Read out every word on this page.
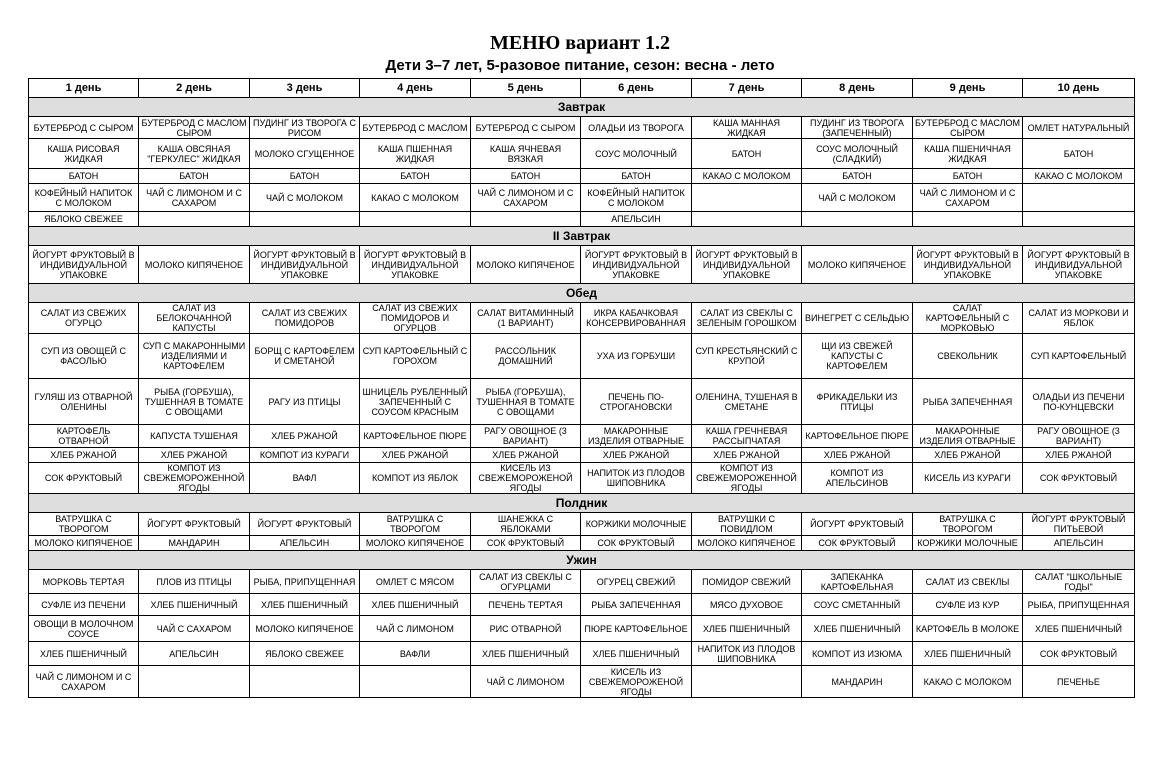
МЕНЮ вариант 1.2
Дети 3–7 лет, 5-разовое питание, сезон: весна - лето
1 день	2 день	3 день	4 день	5 день	6 день	7 день	8 день	9 день	10 день
Завтрак									
БУТЕРБРОД С СЫРОМ	БУТЕРБРОД С МАСЛОМ СЫРОМ	ПУДИНГ ИЗ ТВОРОГА С РИСОМ	БУТЕРБРОД С МАСЛОМ	БУТЕРБРОД С СЫРОМ	ОЛАДЬИ ИЗ ТВОРОГА	КАША МАННАЯ ЖИДКАЯ	ПУДИНГ ИЗ ТВОРОГА (ЗАПЕЧЕННЫЙ)	БУТЕРБРОД С МАСЛОМ СЫРОМ	ОМЛЕТ НАТУРАЛЬНЫЙ
КАША РИСОВАЯ ЖИДКАЯ	КАША ОВСЯНАЯ "ГЕРКУЛЕС" ЖИДКАЯ	МОЛОКО СГУЩЕННОЕ	КАША ПШЕННАЯ ЖИДКАЯ	КАША ЯЧНЕВАЯ ВЯЗКАЯ	СОУС МОЛОЧНЫЙ	БАТОН	СОУС МОЛОЧНЫЙ (СЛАДКИЙ)	КАША ПШЕНИЧНАЯ ЖИДКАЯ	БАТОН
БАТОН	БАТОН	БАТОН	БАТОН	БАТОН	БАТОН	КАКАО С МОЛОКОМ	БАТОН	БАТОН	КАКАО С МОЛОКОМ
КОФЕЙНЫЙ НАПИТОК С МОЛОКОМ	ЧАЙ С ЛИМОНОМ И С САХАРОМ	ЧАЙ С МОЛОКОМ	КАКАО С МОЛОКОМ	ЧАЙ С ЛИМОНОМ И С САХАРОМ	КОФЕЙНЫЙ НАПИТОК С МОЛОКОМ		ЧАЙ С МОЛОКОМ	ЧАЙ С ЛИМОНОМ И С САХАРОМ	
ЯБЛОКО СВЕЖЕЕ					АПЕЛЬСИН				
II Завтрак									
ЙОГУРТ ФРУКТОВЫЙ В ИНДИВИДУАЛЬНОЙ УПАКОВКЕ	МОЛОКО КИПЯЧЕНОЕ	ЙОГУРТ ФРУКТОВЫЙ В ИНДИВИДУАЛЬНОЙ УПАКОВКЕ	ЙОГУРТ ФРУКТОВЫЙ В ИНДИВИДУАЛЬНОЙ УПАКОВКЕ	МОЛОКО КИПЯЧЕНОЕ	ЙОГУРТ ФРУКТОВЫЙ В ИНДИВИДУАЛЬНОЙ УПАКОВКЕ	ЙОГУРТ ФРУКТОВЫЙ В ИНДИВИДУАЛЬНОЙ УПАКОВКЕ	МОЛОКО КИПЯЧЕНОЕ	ЙОГУРТ ФРУКТОВЫЙ В ИНДИВИДУАЛЬНОЙ УПАКОВКЕ	ЙОГУРТ ФРУКТОВЫЙ В ИНДИВИДУАЛЬНОЙ УПАКОВКЕ
Обед									
САЛАТ ИЗ СВЕЖИХ ОГУРЦО	САЛАТ ИЗ БЕЛОКОЧАННОЙ КАПУСТЫ	САЛАТ ИЗ СВЕЖИХ ПОМИДОРОВ	САЛАТ ИЗ СВЕЖИХ ПОМИДОРОВ И ОГУРЦОВ	САЛАТ ВИТАМИННЫЙ (1 ВАРИАНТ)	ИКРА КАБАЧКОВАЯ КОНСЕРВИРОВАННАЯ	САЛАТ ИЗ СВЕКЛЫ С ЗЕЛЕНЫМ ГОРОШКОМ	ВИНЕГРЕТ С СЕЛЬДЬЮ	САЛАТ КАРТОФЕЛЬНЫЙ С МОРКОВЬЮ	САЛАТ ИЗ МОРКОВИ И ЯБЛОК
СУП ИЗ ОВОЩЕЙ С ФАСОЛЬЮ	СУП С МАКАРОННЫМИ ИЗДЕЛИЯМИ И КАРТОФЕЛЕМ	БОРЩ С КАРТОФЕЛЕМ И СМЕТАНОЙ	СУП КАРТОФЕЛЬНЫЙ С ГОРОХОМ	РАССОЛЬНИК ДОМАШНИЙ	УХА ИЗ ГОРБУШИ	СУП КРЕСТЬЯНСКИЙ С КРУПОЙ	ЩИ ИЗ СВЕЖЕЙ КАПУСТЫ С КАРТОФЕЛЕМ	СВЕКОЛЬНИК	СУП КАРТОФЕЛЬНЫЙ
ГУЛЯШ ИЗ ОТВАРНОЙ ОЛЕНИНЫ	РЫБА (ГОРБУША), ТУШЕННАЯ В ТОМАТЕ С ОВОЩАМИ	РАГУ ИЗ ПТИЦЫ	ШНИЦЕЛЬ РУБЛЕННЫЙ ЗАПЕЧЕННЫЙ С СОУСОМ КРАСНЫМ	РЫБА (ГОРБУША), ТУШЕННАЯ В ТОМАТЕ С ОВОЩАМИ	ПЕЧЕНЬ ПО-СТРОГАНОВСКИ	ОЛЕНИНА, ТУШЕНАЯ В СМЕТАНЕ	ФРИКАДЕЛЬКИ ИЗ ПТИЦЫ	РЫБА ЗАПЕЧЕННАЯ	ОЛАДЬИ ИЗ ПЕЧЕНИ ПО-КУНЦЕВСКИ
КАРТОФЕЛЬ ОТВАРНОЙ	КАПУСТА ТУШЕНАЯ	ХЛЕБ РЖАНОЙ	КАРТОФЕЛЬНОЕ ПЮРЕ	РАГУ ОВОЩНОЕ (3 ВАРИАНТ)	МАКАРОННЫЕ ИЗДЕЛИЯ ОТВАРНЫЕ	КАША ГРЕЧНЕВАЯ РАССЫПЧАТАЯ	КАРТОФЕЛЬНОЕ ПЮРЕ	МАКАРОННЫЕ ИЗДЕЛИЯ ОТВАРНЫЕ	РАГУ ОВОЩНОЕ (3 ВАРИАНТ)
ХЛЕБ РЖАНОЙ	ХЛЕБ РЖАНОЙ	КОМПОТ ИЗ КУРАГИ	ХЛЕБ РЖАНОЙ	ХЛЕБ РЖАНОЙ	ХЛЕБ РЖАНОЙ	ХЛЕБ РЖАНОЙ	ХЛЕБ РЖАНОЙ	ХЛЕБ РЖАНОЙ	ХЛЕБ РЖАНОЙ
СОК ФРУКТОВЫЙ	КОМПОТ ИЗ СВЕЖЕМОРОЖЕННОЙ ЯГОДЫ	ВАФЛ	КОМПОТ ИЗ ЯБЛОК	КИСЕЛЬ ИЗ СВЕЖЕМОРОЖЕНОЙ ЯГОДЫ	НАПИТОК ИЗ ПЛОДОВ ШИПОВНИКА	КОМПОТ ИЗ СВЕЖЕМОРОЖЕННОЙ ЯГОДЫ	КОМПОТ ИЗ АПЕЛЬСИНОВ	КИСЕЛЬ ИЗ КУРАГИ	СОК ФРУКТОВЫЙ
Полдник									
ВАТРУШКА С ТВОРОГОМ	ЙОГУРТ ФРУКТОВЫЙ	ЙОГУРТ ФРУКТОВЫЙ	ВАТРУШКА С ТВОРОГОМ	ШАНЕЖКА С ЯБЛОКАМИ	КОРЖИКИ МОЛОЧНЫЕ	ВАТРУШКИ С ПОВИДЛОМ	ЙОГУРТ ФРУКТОВЫЙ	ВАТРУШКА С ТВОРОГОМ	ЙОГУРТ ФРУКТОВЫЙ ПИТЬЕВОЙ
МОЛОКО КИПЯЧЕНОЕ	МАНДАРИН	АПЕЛЬСИН	МОЛОКО КИПЯЧЕНОЕ	СОК ФРУКТОВЫЙ	СОК ФРУКТОВЫЙ	МОЛОКО КИПЯЧЕНОЕ	СОК ФРУКТОВЫЙ	КОРЖИКИ МОЛОЧНЫЕ	АПЕЛЬСИН
Ужин									
МОРКОВЬ ТЕРТАЯ	ПЛОВ ИЗ ПТИЦЫ	РЫБА, ПРИПУЩЕННАЯ	ОМЛЕТ С МЯСОМ	САЛАТ ИЗ СВЕКЛЫ С ОГУРЦАМИ	ОГУРЕЦ СВЕЖИЙ	ПОМИДОР СВЕЖИЙ	ЗАПЕКАНКА КАРТОФЕЛЬНАЯ	САЛАТ ИЗ СВЕКЛЫ	САЛАТ "ШКОЛЬНЫЕ ГОДЫ"
СУФЛЕ ИЗ ПЕЧЕНИ	ХЛЕБ ПШЕНИЧНЫЙ	ХЛЕБ ПШЕНИЧНЫЙ	ХЛЕБ ПШЕНИЧНЫЙ	ПЕЧЕНЬ ТЕРТАЯ	РЫБА ЗАПЕЧЕННАЯ	МЯСО ДУХОВОЕ	СОУС СМЕТАННЫЙ	СУФЛЕ ИЗ КУР	РЫБА, ПРИПУЩЕННАЯ
ОВОЩИ В МОЛОЧНОМ СОУСЕ	ЧАЙ С САХАРОМ	МОЛОКО КИПЯЧЕНОЕ	ЧАЙ С ЛИМОНОМ	РИС ОТВАРНОЙ	ПЮРЕ КАРТОФЕЛЬНОЕ	ХЛЕБ ПШЕНИЧНЫЙ	ХЛЕБ ПШЕНИЧНЫЙ	КАРТОФЕЛЬ В МОЛОКЕ	ХЛЕБ ПШЕНИЧНЫЙ
ХЛЕБ ПШЕНИЧНЫЙ	АПЕЛЬСИН	ЯБЛОКО СВЕЖЕЕ	ВАФЛИ	ХЛЕБ ПШЕНИЧНЫЙ	ХЛЕБ ПШЕНИЧНЫЙ	НАПИТОК ИЗ ПЛОДОВ ШИПОВНИКА	КОМПОТ ИЗ ИЗЮМА	ХЛЕБ ПШЕНИЧНЫЙ	СОК ФРУКТОВЫЙ
ЧАЙ С ЛИМОНОМ И С САХАРОМ				ЧАЙ С ЛИМОНОМ	КИСЕЛЬ ИЗ СВЕЖЕМОРОЖЕНОЙ ЯГОДЫ		МАНДАРИН	КАКАО С МОЛОКОМ	ПЕЧЕНЬЕ
